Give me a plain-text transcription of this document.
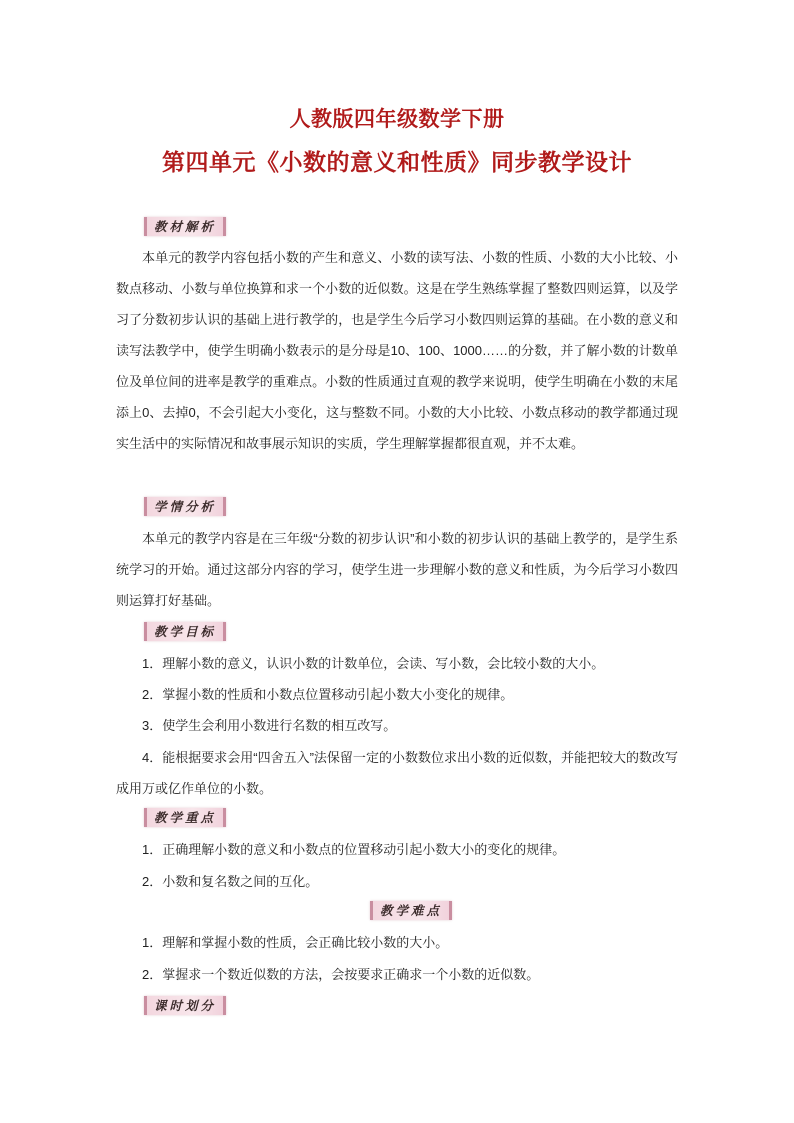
人教版四年级数学下册
第四单元《小数的意义和性质》同步教学设计
教材解析
本单元的教学内容包括小数的产生和意义、小数的读写法、小数的性质、小数的大小比较、小数点移动、小数与单位换算和求一个小数的近似数。这是在学生熟练掌握了整数四则运算，以及学习了分数初步认识的基础上进行教学的，也是学生今后学习小数四则运算的基础。在小数的意义和读写法教学中，使学生明确小数表示的是分母是10、100、1000……的分数，并了解小数的计数单位及单位间的进率是教学的重难点。小数的性质通过直观的教学来说明，使学生明确在小数的末尾添上0、去掉0，不会引起大小变化，这与整数不同。小数的大小比较、小数点移动的教学都通过现实生活中的实际情况和故事展示知识的实质，学生理解掌握都很直观，并不太难。
学情分析
本单元的教学内容是在三年级“分数的初步认识”和小数的初步认识的基础上教学的，是学生系统学习的开始。通过这部分内容的学习，使学生进一步理解小数的意义和性质，为今后学习小数四则运算打好基础。
教学目标
1．理解小数的意义，认识小数的计数单位，会读、写小数，会比较小数的大小。
2．掌握小数的性质和小数点位置移动引起小数大小变化的规律。
3．使学生会利用小数进行名数的相互改写。
4．能根据要求会用“四舍五入”法保留一定的小数数位求出小数的近似数，并能把较大的数改写成用万或亿作单位的小数。
教学重点
1．正确理解小数的意义和小数点的位置移动引起小数大小的变化的规律。
2．小数和复名数之间的互化。
教学难点
1．理解和掌握小数的性质，会正确比较小数的大小。
2．掌握求一个数近似数的方法，会按要求正确求一个小数的近似数。
课时划分
